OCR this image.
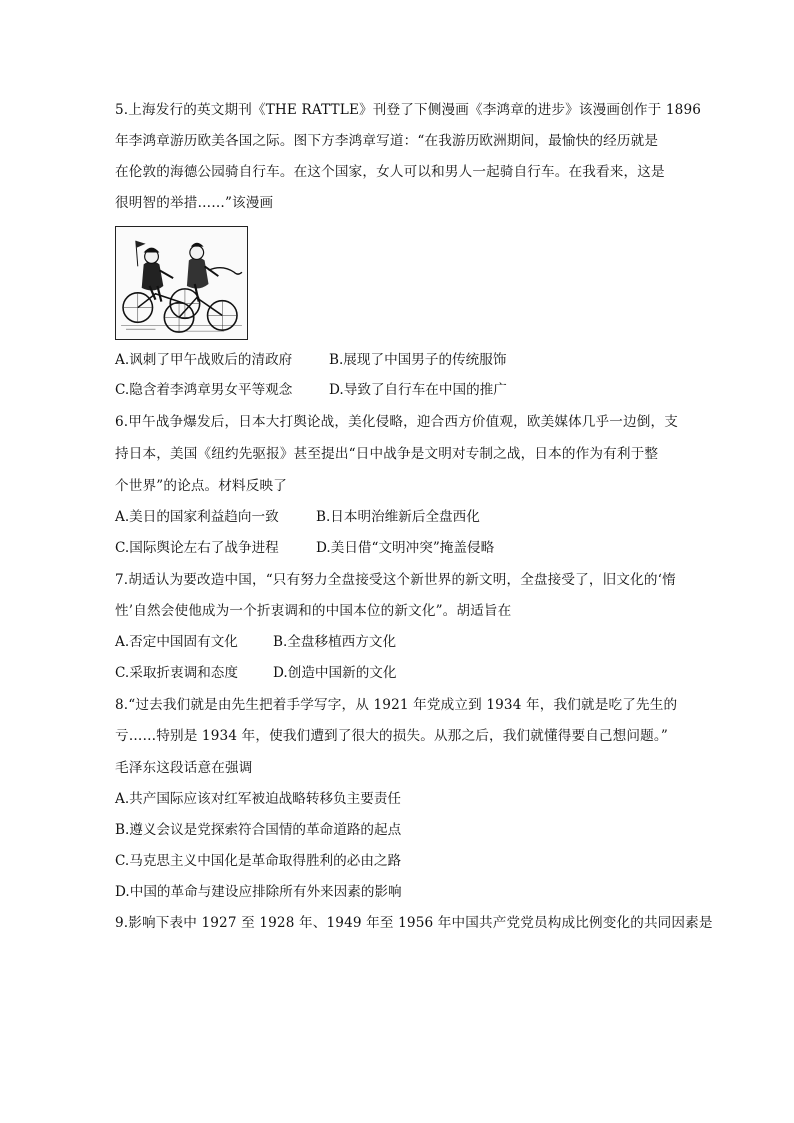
5.上海发行的英文期刊《THE RATTLE》刊登了下侧漫画《李鸿章的进步》该漫画创作于 1896
年李鸿章游历欧美各国之际。图下方李鸿章写道：“在我游历欧洲期间，最愉快的经历就是
在伦敦的海德公园骑自行车。在这个国家，女人可以和男人一起骑自行车。在我看来，这是
很明智的举措……”该漫画
A.讽刺了甲午战败后的清政府	B.展现了中国男子的传统服饰
C.隐含着李鸿章男女平等观念	D.导致了自行车在中国的推广
6.甲午战争爆发后，日本大打舆论战，美化侵略，迎合西方价值观，欧美媒体几乎一边倒，支
持日本，美国《纽约先驱报》甚至提出“日中战争是文明对专制之战，日本的作为有利于整
个世界”的论点。材料反映了
A.美日的国家利益趋向一致	B.日本明治维新后全盘西化
C.国际舆论左右了战争进程	D.美日借“文明冲突”掩盖侵略
7.胡适认为要改造中国，“只有努力全盘接受这个新世界的新文明，全盘接受了，旧文化的‘惰
性’自然会使他成为一个折衷调和的中国本位的新文化”。胡适旨在
A.否定中国固有文化	B.全盘移植西方文化
C.采取折衷调和态度	D.创造中国新的文化
8.“过去我们就是由先生把着手学写字，从 1921 年党成立到 1934 年，我们就是吃了先生的
亏……特别是 1934 年，使我们遭到了很大的损失。从那之后，我们就懂得要自己想问题。”
毛泽东这段话意在强调
A.共产国际应该对红军被迫战略转移负主要责任
B.遵义会议是党探索符合国情的革命道路的起点
C.马克思主义中国化是革命取得胜利的必由之路
D.中国的革命与建设应排除所有外来因素的影响
9.影响下表中 1927 至 1928 年、1949 年至 1956 年中国共产党党员构成比例变化的共同因素是
